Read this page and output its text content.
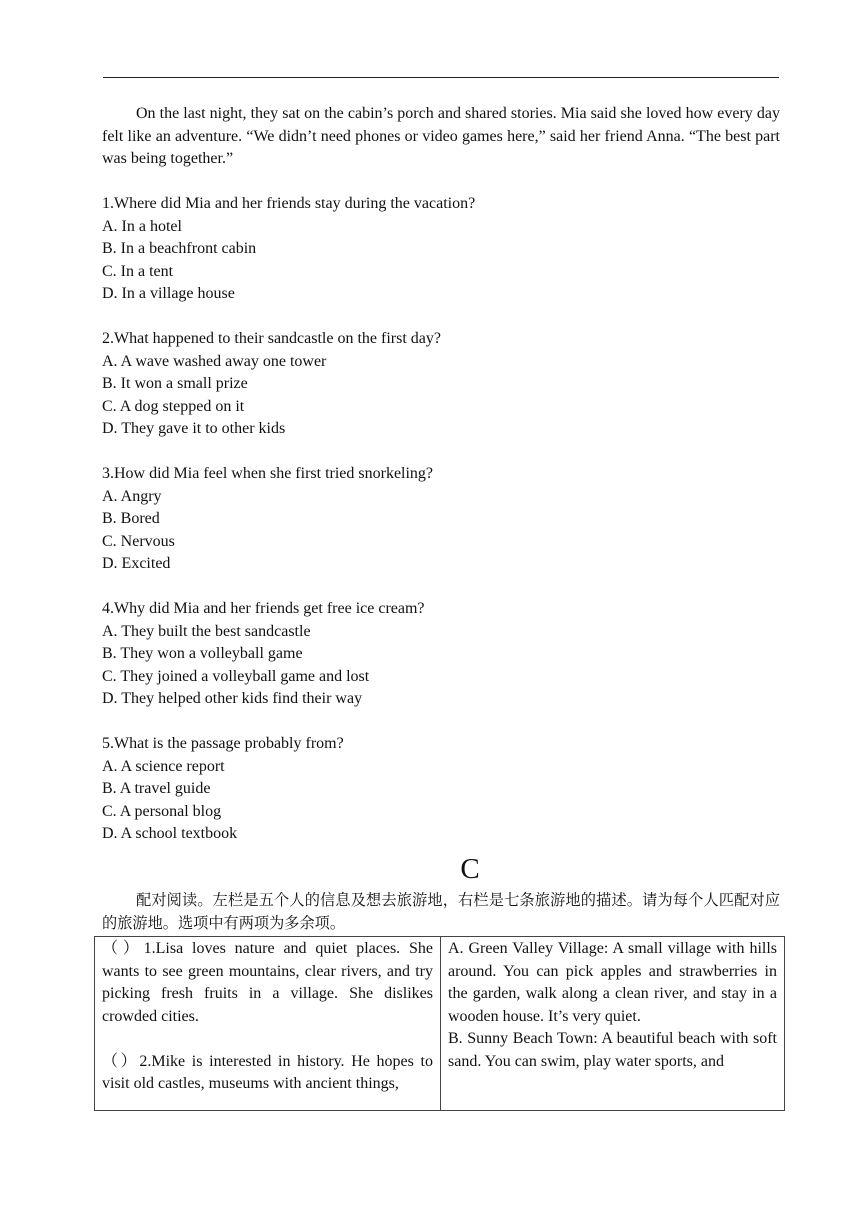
On the last night, they sat on the cabin’s porch and shared stories. Mia said she loved how every day felt like an adventure. “We didn’t need phones or video games here,” said her friend Anna. “The best part was being together.”

1.Where did Mia and her friends stay during the vacation?
A. In a hotel
B. In a beachfront cabin
C. In a tent
D. In a village house
2.What happened to their sandcastle on the first day?
A. A wave washed away one tower
B. It won a small prize
C. A dog stepped on it
D. They gave it to other kids
3.How did Mia feel when she first tried snorkeling?
A. Angry
B. Bored
C. Nervous
D. Excited
4.Why did Mia and her friends get free ice cream?
A. They built the best sandcastle
B. They won a volleyball game
C. They joined a volleyball game and lost
D. They helped other kids find their way
5.What is the passage probably from?
A. A science report
B. A travel guide
C. A personal blog
D. A school textbook
C

配对阅读。左栏是五个人的信息及想去旅游地，右栏是七条旅游地的描述。请为每个人匹配对应的旅游地。选项中有两项为多余项。

（）1.Lisa loves nature and quiet places. She wants to see green mountains, clear rivers, and try picking fresh fruits in a village. She dislikes crowded cities.
（）2.Mike is interested in history. He hopes to visit old castles, museums with ancient things,
A. Green Valley Village: A small village with hills around. You can pick apples and strawberries in the garden, walk along a clean river, and stay in a wooden house. It’s very quiet.
B. Sunny Beach Town: A beautiful beach with soft sand. You can swim, play water sports, and
